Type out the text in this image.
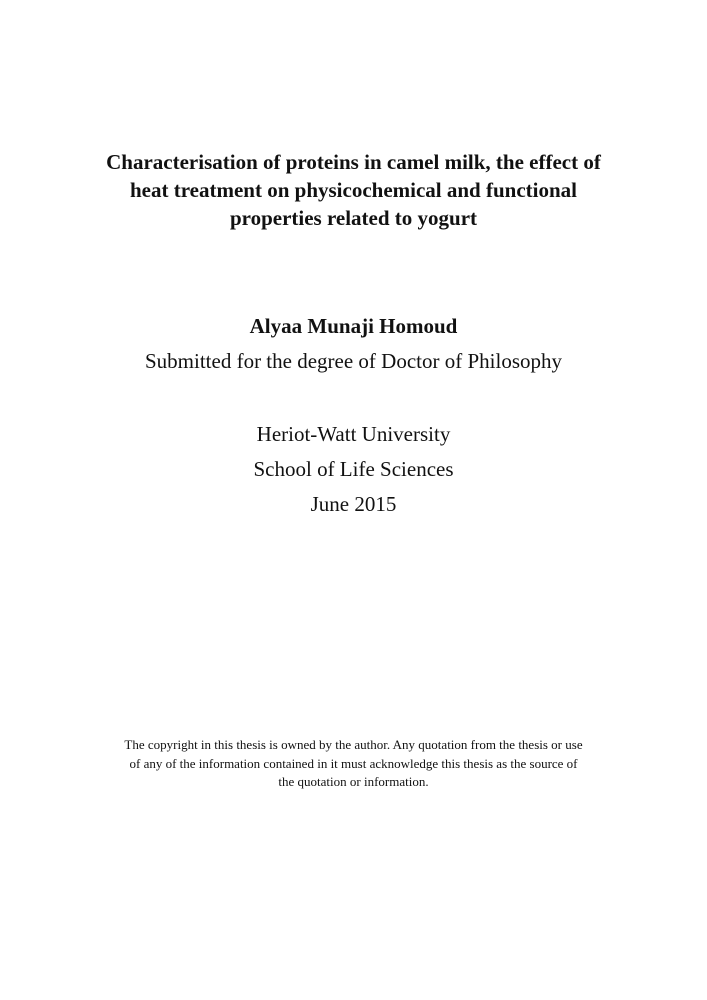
Characterisation of proteins in camel milk, the effect of
heat treatment on physicochemical and functional
properties related to yogurt

Alyaa Munaji Homoud

Submitted for the degree of Doctor of Philosophy

Heriot-Watt University
School of Life Sciences
June 2015

The copyright in this thesis is owned by the author. Any quotation from the thesis or use
of any of the information contained in it must acknowledge this thesis as the source of
the quotation or information.
